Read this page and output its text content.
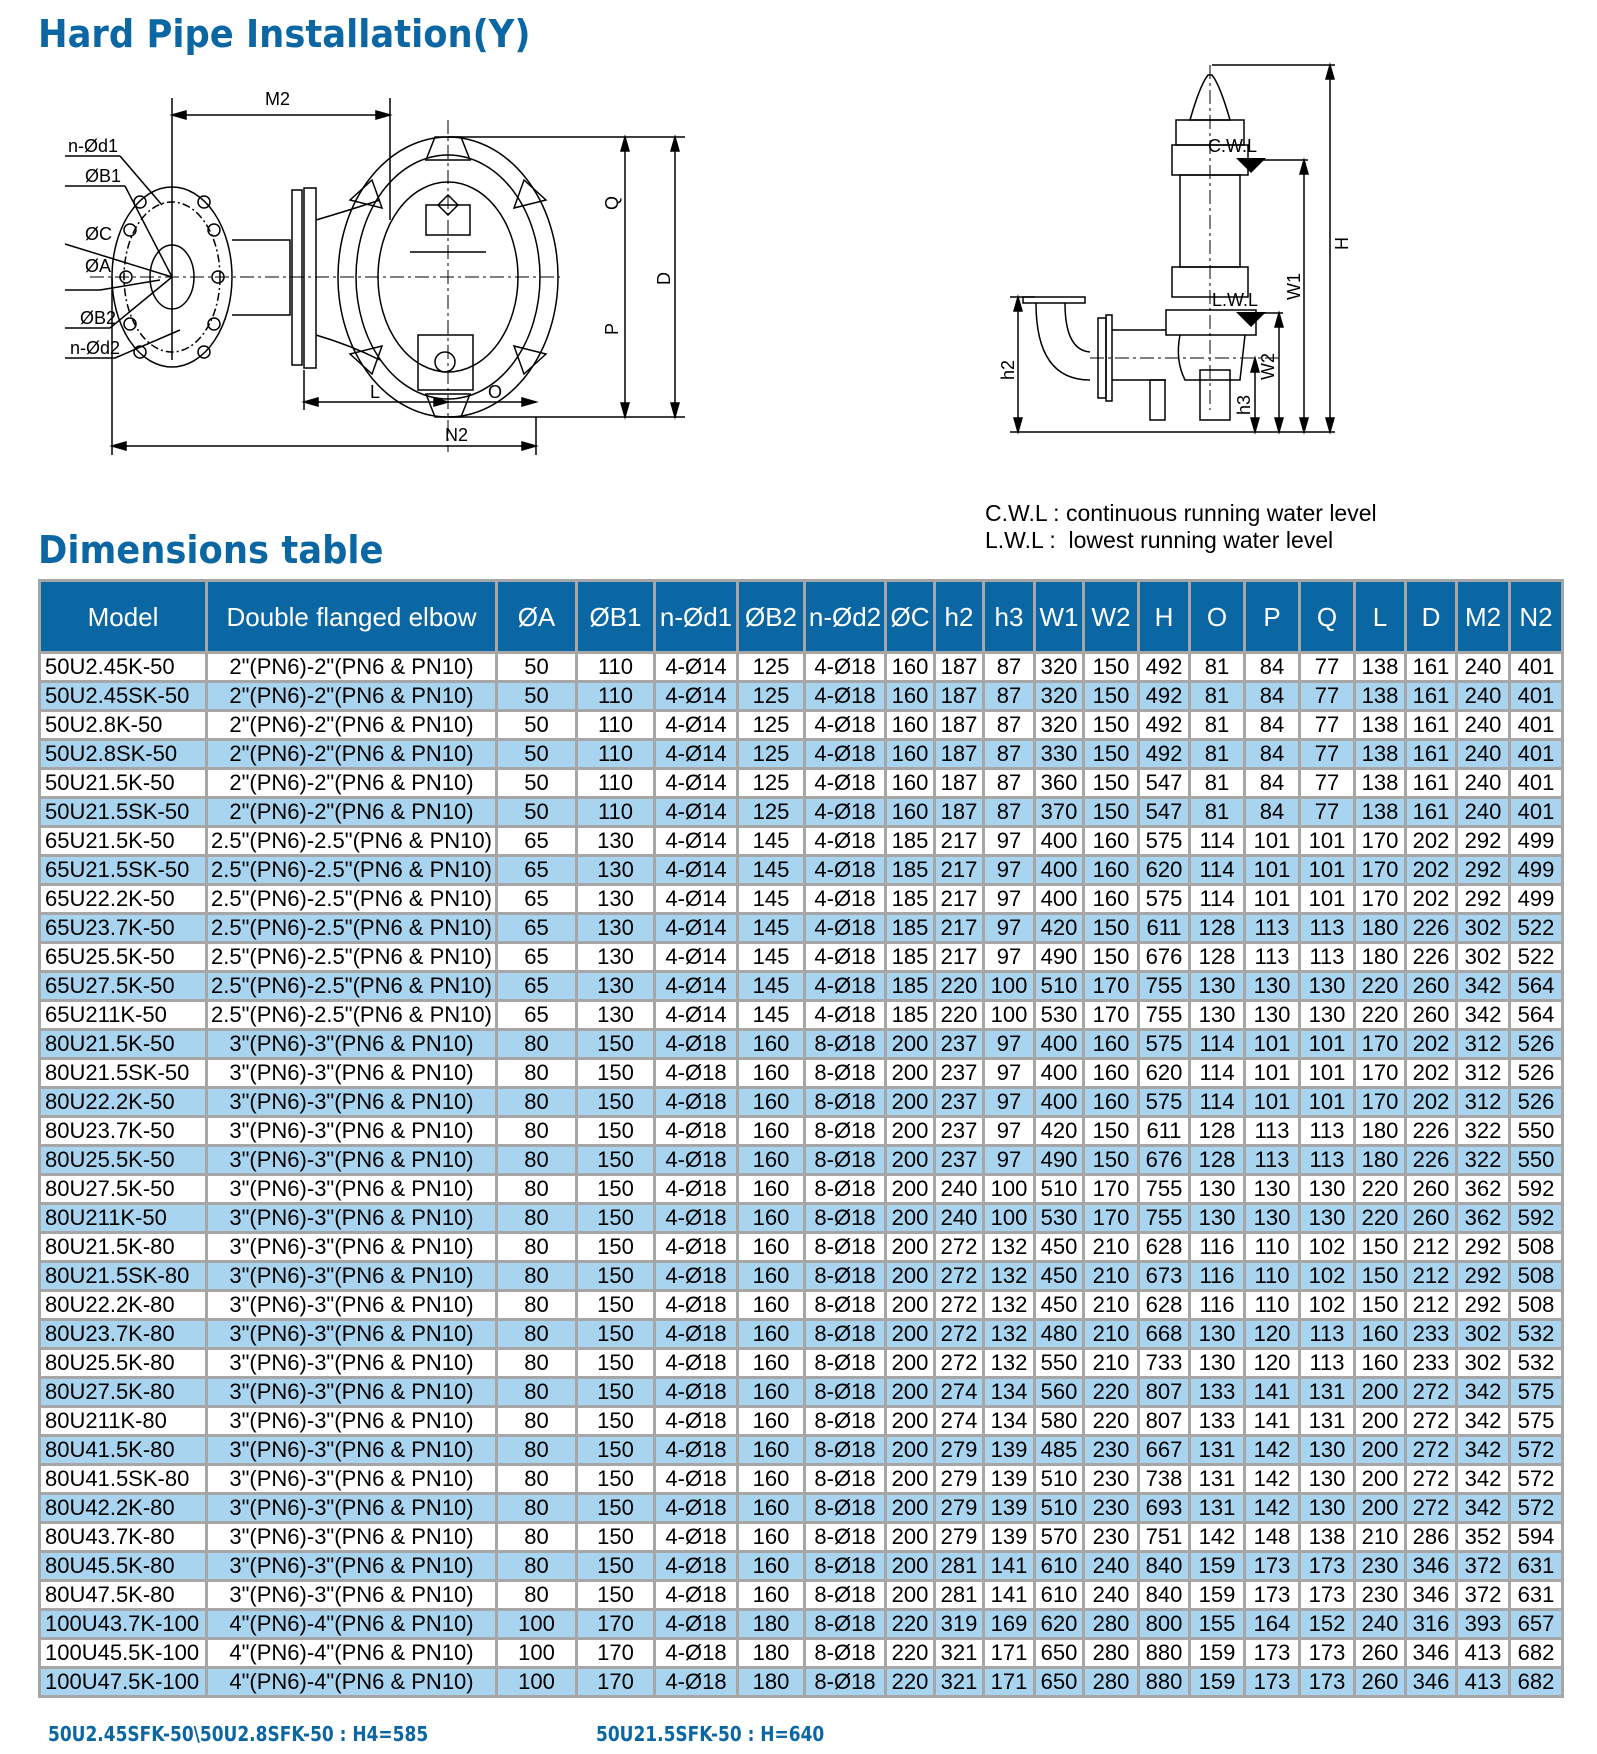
Hard Pipe Installation(Y)
M2
n-Ød1
ØB1
ØC
ØA
ØB2
n-Ød2
L	O
N2
Q
P
D
C.W.L
L.W.L
H
W1
W2
h2
h3
C.W.L : continuous running water level
L.W.L :  lowest running water level
Dimensions table
Model	Double flanged elbow	ØA	ØB1	n-Ød1	ØB2	n-Ød2	ØC	h2	h3	W1	W2	H	O	P	Q	L	D	M2	N2
50U2.45K-50	2"(PN6)-2"(PN6 & PN10)	50	110	4-Ø14	125	4-Ø18	160	187	87	320	150	492	81	84	77	138	161	240	401
50U2.45SK-50	2"(PN6)-2"(PN6 & PN10)	50	110	4-Ø14	125	4-Ø18	160	187	87	320	150	492	81	84	77	138	161	240	401
50U2.8K-50	2"(PN6)-2"(PN6 & PN10)	50	110	4-Ø14	125	4-Ø18	160	187	87	320	150	492	81	84	77	138	161	240	401
50U2.8SK-50	2"(PN6)-2"(PN6 & PN10)	50	110	4-Ø14	125	4-Ø18	160	187	87	330	150	492	81	84	77	138	161	240	401
50U21.5K-50	2"(PN6)-2"(PN6 & PN10)	50	110	4-Ø14	125	4-Ø18	160	187	87	360	150	547	81	84	77	138	161	240	401
50U21.5SK-50	2"(PN6)-2"(PN6 & PN10)	50	110	4-Ø14	125	4-Ø18	160	187	87	370	150	547	81	84	77	138	161	240	401
65U21.5K-50	2.5"(PN6)-2.5"(PN6 & PN10)	65	130	4-Ø14	145	4-Ø18	185	217	97	400	160	575	114	101	101	170	202	292	499
65U21.5SK-50	2.5"(PN6)-2.5"(PN6 & PN10)	65	130	4-Ø14	145	4-Ø18	185	217	97	400	160	620	114	101	101	170	202	292	499
65U22.2K-50	2.5"(PN6)-2.5"(PN6 & PN10)	65	130	4-Ø14	145	4-Ø18	185	217	97	400	160	575	114	101	101	170	202	292	499
65U23.7K-50	2.5"(PN6)-2.5"(PN6 & PN10)	65	130	4-Ø14	145	4-Ø18	185	217	97	420	150	611	128	113	113	180	226	302	522
65U25.5K-50	2.5"(PN6)-2.5"(PN6 & PN10)	65	130	4-Ø14	145	4-Ø18	185	217	97	490	150	676	128	113	113	180	226	302	522
65U27.5K-50	2.5"(PN6)-2.5"(PN6 & PN10)	65	130	4-Ø14	145	4-Ø18	185	220	100	510	170	755	130	130	130	220	260	342	564
65U211K-50	2.5"(PN6)-2.5"(PN6 & PN10)	65	130	4-Ø14	145	4-Ø18	185	220	100	530	170	755	130	130	130	220	260	342	564
80U21.5K-50	3"(PN6)-3"(PN6 & PN10)	80	150	4-Ø18	160	8-Ø18	200	237	97	400	160	575	114	101	101	170	202	312	526
80U21.5SK-50	3"(PN6)-3"(PN6 & PN10)	80	150	4-Ø18	160	8-Ø18	200	237	97	400	160	620	114	101	101	170	202	312	526
80U22.2K-50	3"(PN6)-3"(PN6 & PN10)	80	150	4-Ø18	160	8-Ø18	200	237	97	400	160	575	114	101	101	170	202	312	526
80U23.7K-50	3"(PN6)-3"(PN6 & PN10)	80	150	4-Ø18	160	8-Ø18	200	237	97	420	150	611	128	113	113	180	226	322	550
80U25.5K-50	3"(PN6)-3"(PN6 & PN10)	80	150	4-Ø18	160	8-Ø18	200	237	97	490	150	676	128	113	113	180	226	322	550
80U27.5K-50	3"(PN6)-3"(PN6 & PN10)	80	150	4-Ø18	160	8-Ø18	200	240	100	510	170	755	130	130	130	220	260	362	592
80U211K-50	3"(PN6)-3"(PN6 & PN10)	80	150	4-Ø18	160	8-Ø18	200	240	100	530	170	755	130	130	130	220	260	362	592
80U21.5K-80	3"(PN6)-3"(PN6 & PN10)	80	150	4-Ø18	160	8-Ø18	200	272	132	450	210	628	116	110	102	150	212	292	508
80U21.5SK-80	3"(PN6)-3"(PN6 & PN10)	80	150	4-Ø18	160	8-Ø18	200	272	132	450	210	673	116	110	102	150	212	292	508
80U22.2K-80	3"(PN6)-3"(PN6 & PN10)	80	150	4-Ø18	160	8-Ø18	200	272	132	450	210	628	116	110	102	150	212	292	508
80U23.7K-80	3"(PN6)-3"(PN6 & PN10)	80	150	4-Ø18	160	8-Ø18	200	272	132	480	210	668	130	120	113	160	233	302	532
80U25.5K-80	3"(PN6)-3"(PN6 & PN10)	80	150	4-Ø18	160	8-Ø18	200	272	132	550	210	733	130	120	113	160	233	302	532
80U27.5K-80	3"(PN6)-3"(PN6 & PN10)	80	150	4-Ø18	160	8-Ø18	200	274	134	560	220	807	133	141	131	200	272	342	575
80U211K-80	3"(PN6)-3"(PN6 & PN10)	80	150	4-Ø18	160	8-Ø18	200	274	134	580	220	807	133	141	131	200	272	342	575
80U41.5K-80	3"(PN6)-3"(PN6 & PN10)	80	150	4-Ø18	160	8-Ø18	200	279	139	485	230	667	131	142	130	200	272	342	572
80U41.5SK-80	3"(PN6)-3"(PN6 & PN10)	80	150	4-Ø18	160	8-Ø18	200	279	139	510	230	738	131	142	130	200	272	342	572
80U42.2K-80	3"(PN6)-3"(PN6 & PN10)	80	150	4-Ø18	160	8-Ø18	200	279	139	510	230	693	131	142	130	200	272	342	572
80U43.7K-80	3"(PN6)-3"(PN6 & PN10)	80	150	4-Ø18	160	8-Ø18	200	279	139	570	230	751	142	148	138	210	286	352	594
80U45.5K-80	3"(PN6)-3"(PN6 & PN10)	80	150	4-Ø18	160	8-Ø18	200	281	141	610	240	840	159	173	173	230	346	372	631
80U47.5K-80	3"(PN6)-3"(PN6 & PN10)	80	150	4-Ø18	160	8-Ø18	200	281	141	610	240	840	159	173	173	230	346	372	631
100U43.7K-100	4"(PN6)-4"(PN6 & PN10)	100	170	4-Ø18	180	8-Ø18	220	319	169	620	280	800	155	164	152	240	316	393	657
100U45.5K-100	4"(PN6)-4"(PN6 & PN10)	100	170	4-Ø18	180	8-Ø18	220	321	171	650	280	880	159	173	173	260	346	413	682
100U47.5K-100	4"(PN6)-4"(PN6 & PN10)	100	170	4-Ø18	180	8-Ø18	220	321	171	650	280	880	159	173	173	260	346	413	682
50U2.45SFK-50\50U2.8SFK-50 : H4=585	50U21.5SFK-50 : H=640
